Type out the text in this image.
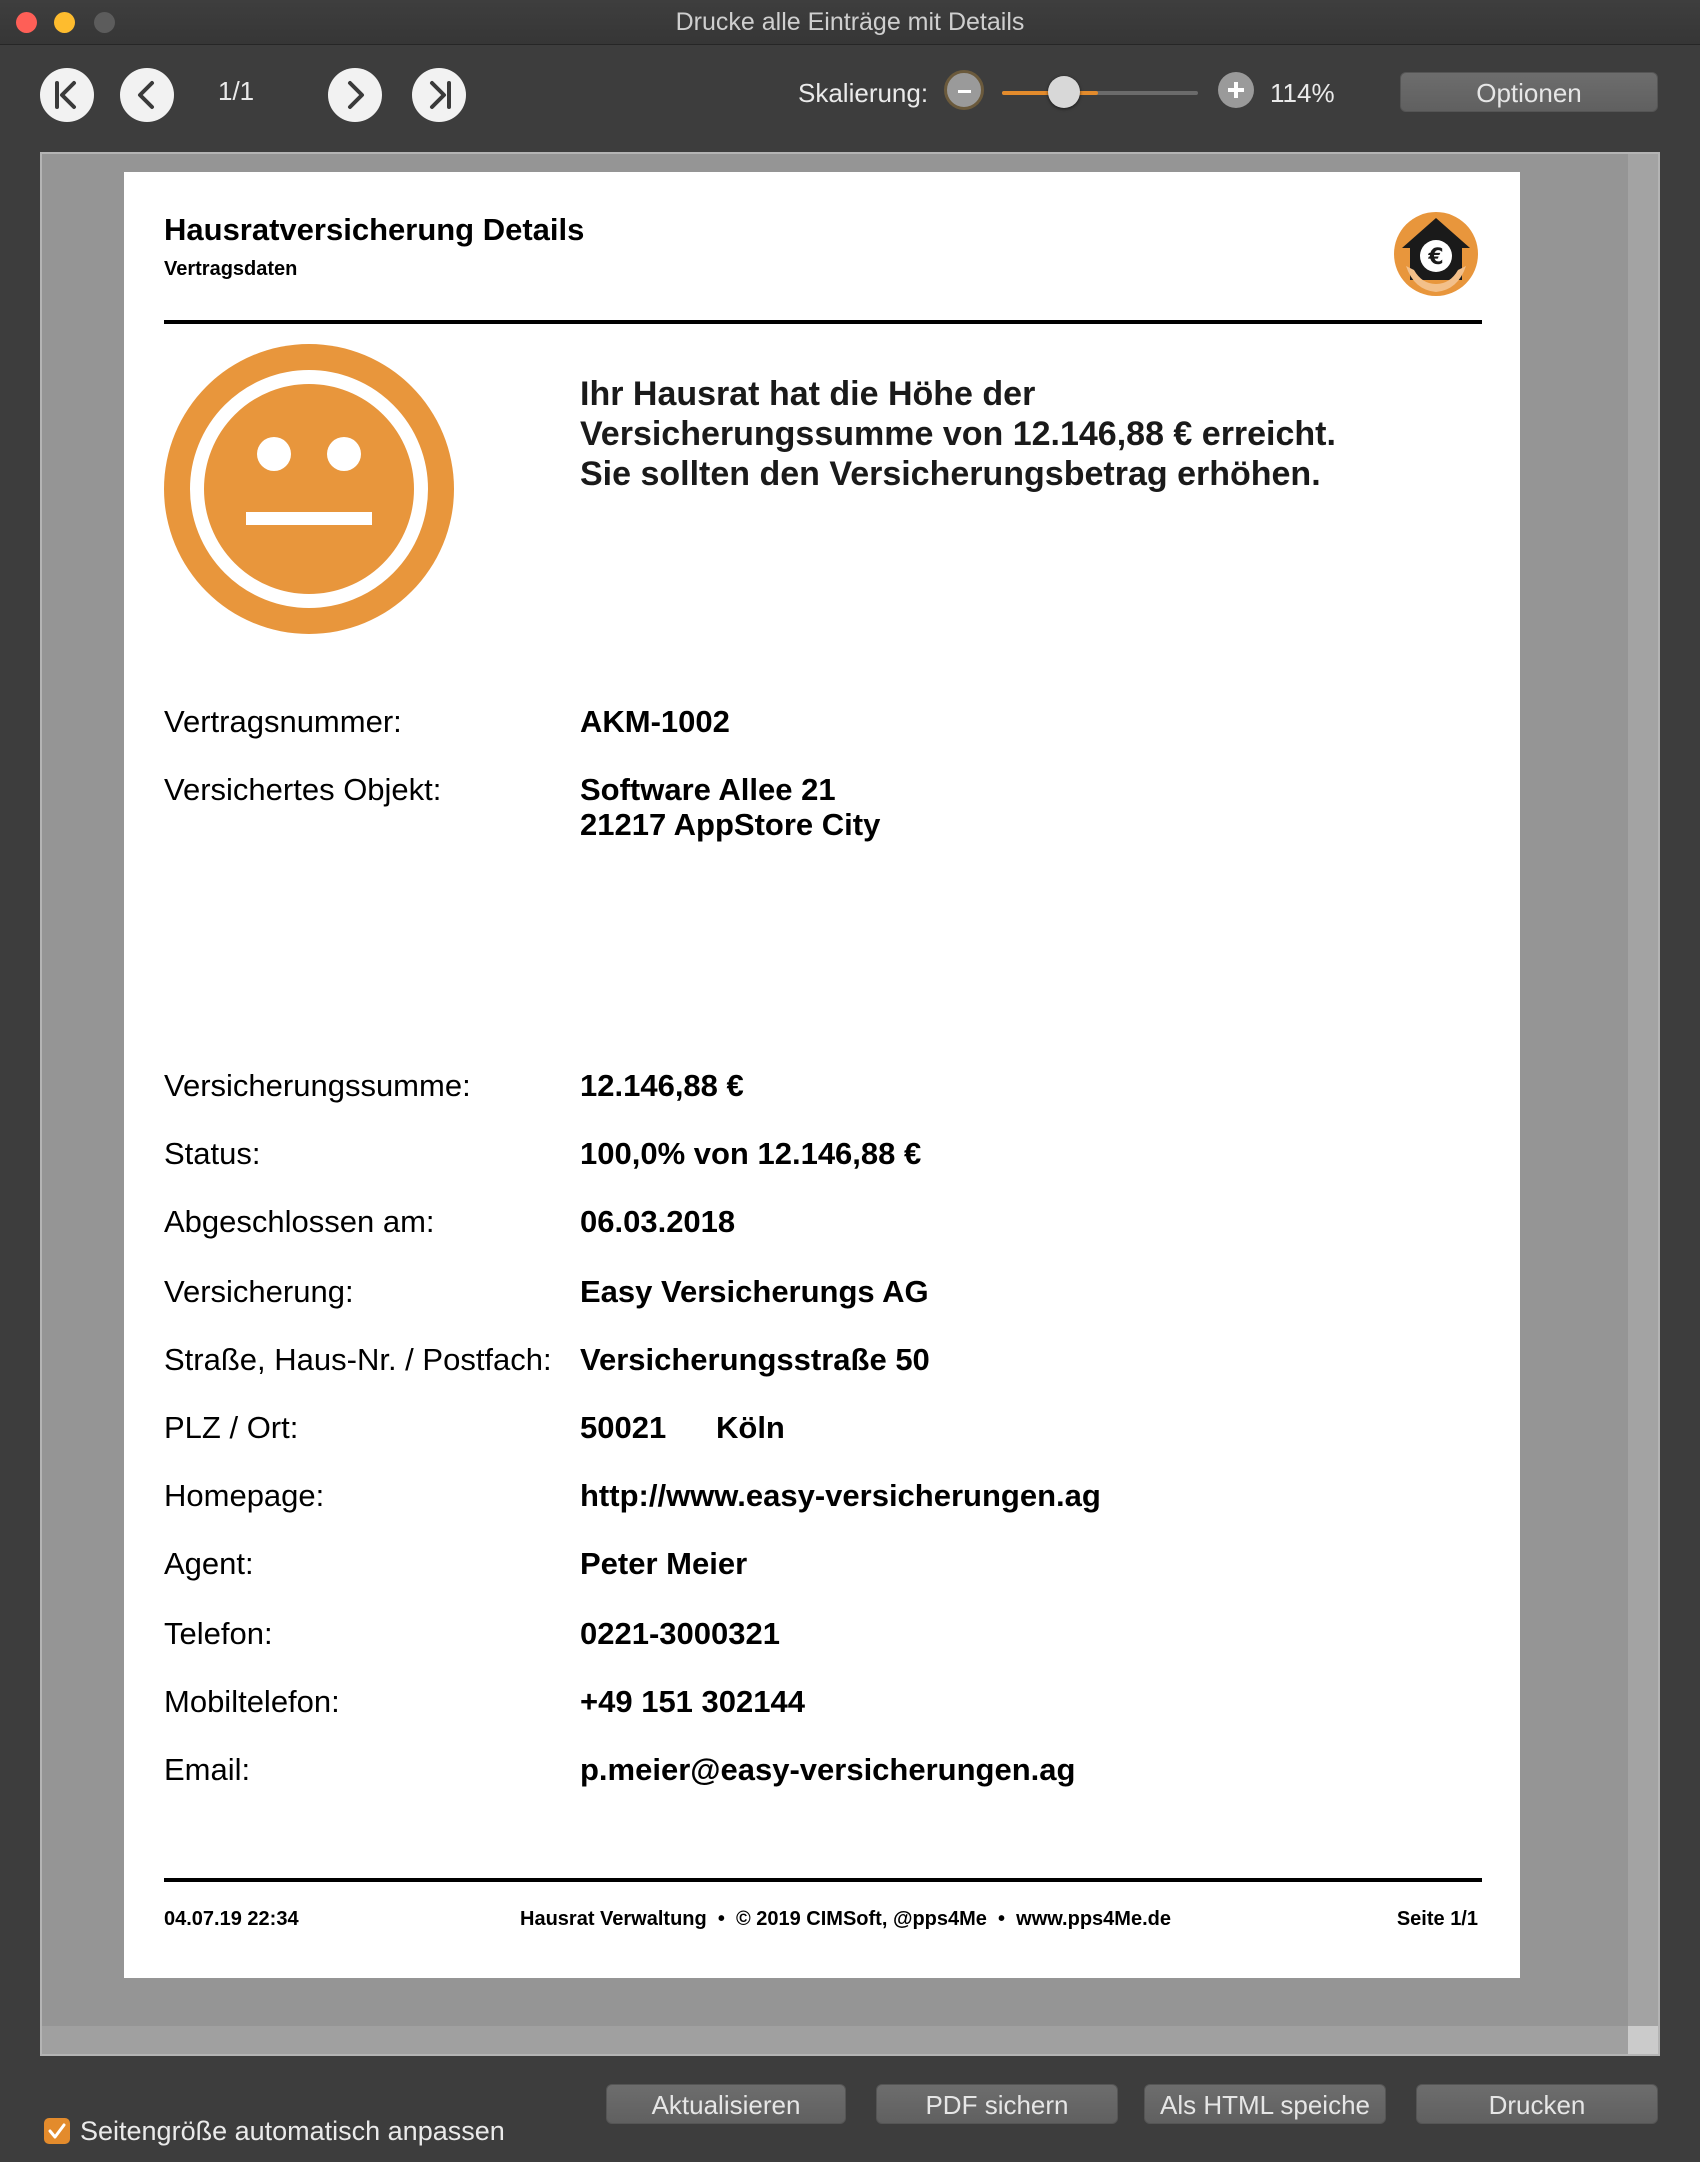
Drucke alle Einträge mit Details
1/1	Skalierung:	114%	Optionen
Hausratversicherung Details
Vertragsdaten	€
Ihr Hausrat hat die Höhe der
Versicherungssumme von 12.146,88 € erreicht.
Sie sollten den Versicherungsbetrag erhöhen.
Vertragsnummer:	AKM-1002
Versichertes Objekt:	Software Allee 21
21217 AppStore City
Versicherungssumme:	12.146,88 €
Status:	100,0% von 12.146,88 €
Abgeschlossen am:	06.03.2018
Versicherung:	Easy Versicherungs AG
Straße, Haus-Nr. / Postfach: Versicherungsstraße 50
PLZ / Ort:	50021 Köln
Homepage:	http://www.easy-versicherungen.ag
Agent:	Peter Meier
Telefon:	0221-3000321
Mobiltelefon:	+49 151 302144
Email:	p.meier@easy-versicherungen.ag
04.07.19 22:34	Hausrat Verwaltung  •  © 2019 CIMSoft, @pps4Me  •  www.pps4Me.de	Seite 1/1
Seitengröße automatisch anpassen
Aktualisieren	PDF sichern	Als HTML speiche	Drucken
